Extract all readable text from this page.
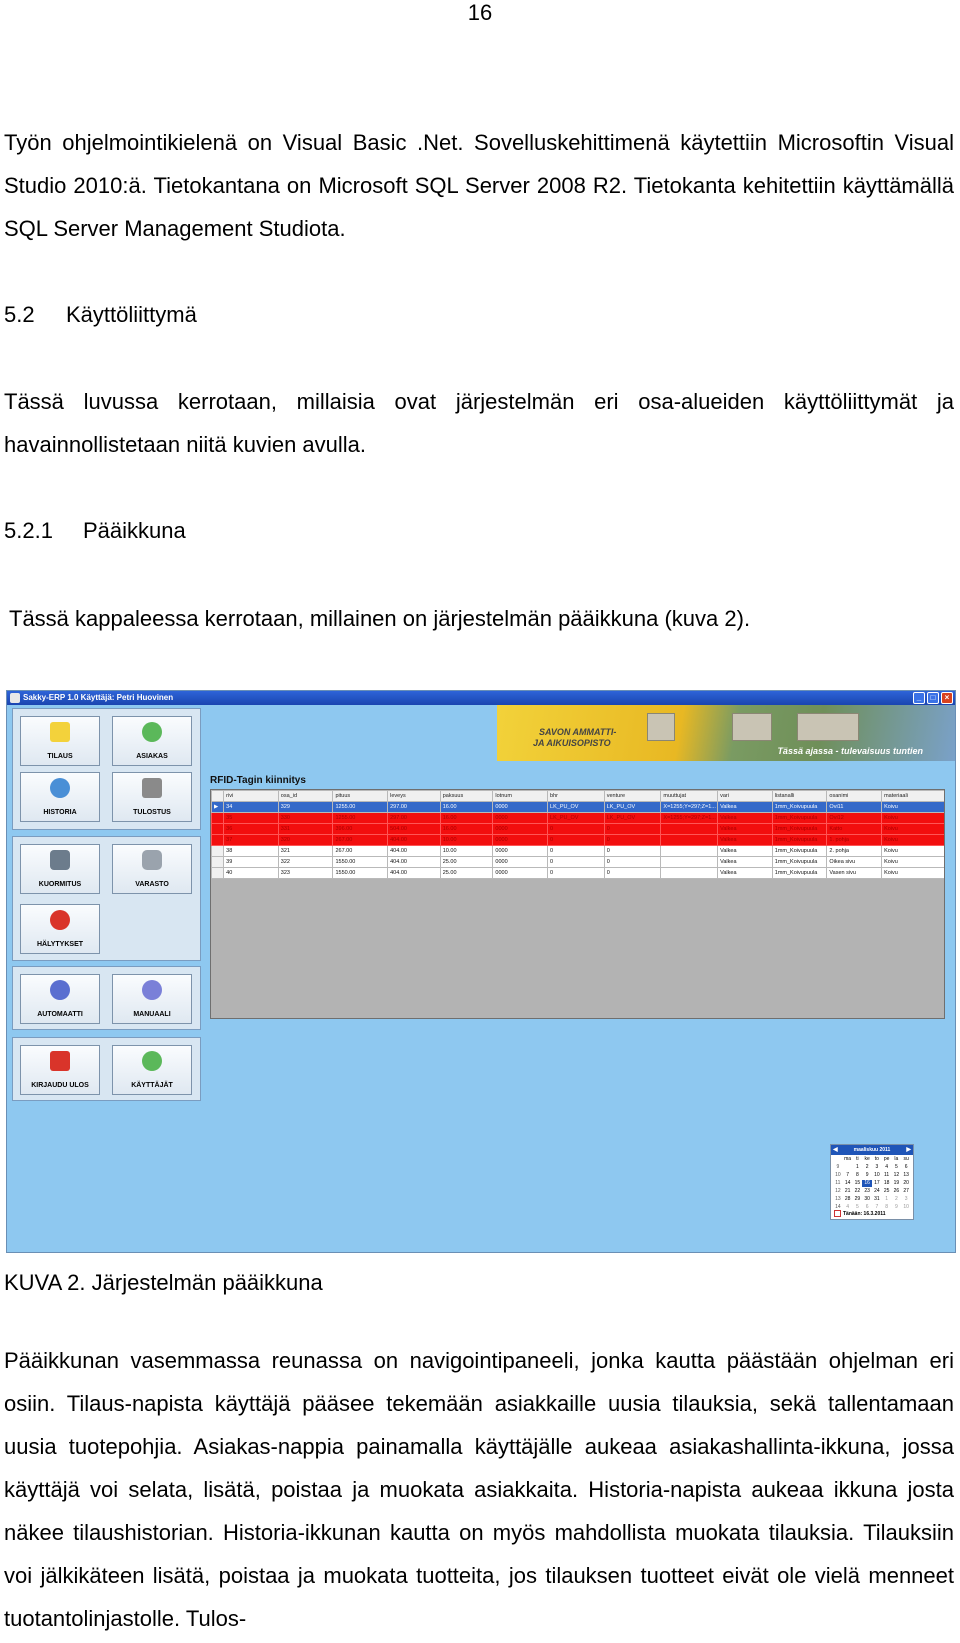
16

Työn ohjelmointikielenä on Visual Basic .Net. Sovelluskehittimenä käytettiin Microsoftin Visual Studio 2010:ä. Tietokantana on Microsoft SQL Server 2008 R2. Tietokanta kehitettiin käyttämällä SQL Server Management Studiota.

5.2 Käyttöliittymä

Tässä luvussa kerrotaan, millaisia ovat järjestelmän eri osa-alueiden käyttöliittymät ja havainnollistetaan niitä kuvien avulla.

5.2.1 Pääikkuna

Tässä kappaleessa kerrotaan, millainen on järjestelmän pääikkuna (kuva 2).

Sakky-ERP 1.0 Käyttäjä: Petri Huovinen	_	□	×
TILAUS	ASIAKAS
HISTORIA	TULOSTUS
KUORMITUS	VARASTO
HÄLYTYKSET
AUTOMAATTI	MANUAALI
KIRJAUDU ULOS	KÄYTTÄJÄT
SAVON AMMATTI-
JA AIKUISOPISTO
Tässä ajassa - tulevaisuus tuntien
RFID-Tagin kiinnitys
	rivi	osa_id	pituus	leveys	paksuus	lotnum	bhr	venture	muuttujat	vari	listanalli	osanimi	materiaali
▶	34	329	1255.00	297.00	16.00	0000	LK_PU_OV	LK_PU_OV	X=1255;Y=297;Z=1...	Valkea	1mm_Koivupuula	Ovi11	Koivu
	35	330	1255.00	297.00	16.00	0000	LK_PU_OV	LK_PU_OV	X=1255;Y=297;Z=1...	Valkea	1mm_Koivupuula	Ovi12	Koivu
	36	331	396.00	504.00	16.00	0000	0	0		Valkea	1mm_Koivupuula	Katto	Koivu
	37	320	267.00	404.00	10.00	0000	0	0		Valkea	1mm_Koivupuula	1. pohja	Koivu
	38	321	267.00	404.00	10.00	0000	0	0		Valkea	1mm_Koivupuula	2. pohja	Koivu
	39	322	1550.00	404.00	25.00	0000	0	0		Valkea	1mm_Koivupuula	Oikea sivu	Koivu
	40	323	1550.00	404.00	25.00	0000	0	0		Valkea	1mm_Koivupuula	Vasen sivu	Koivu
◀	maaliskuu 2011	▶
ma	ti	ke	to pe	la	su
9	1	2	3	4	5	6
10	7	8	9	10 11 12 13
11 14 15 16 17 18 19 20
12 21 22 23 24 25 26 27
13 28 29 30 31	1	2	3
14	4	5	6	7	8	9	10
Tänään: 16.3.2011

KUVA 2. Järjestelmän pääikkuna

Pääikkunan vasemmassa reunassa on navigointipaneeli, jonka kautta päästään ohjelman eri osiin. Tilaus-napista käyttäjä pääsee tekemään asiakkaille uusia tilauksia, sekä tallentamaan uusia tuotepohjia. Asiakas-nappia painamalla käyttäjälle aukeaa asiakashallinta-ikkuna, jossa käyttäjä voi selata, lisätä, poistaa ja muokata asiakkaita. Historia-napista aukeaa ikkuna josta näkee tilaushistorian. Historia-ikkunan kautta on myös mahdollista muokata tilauksia. Tilauksiin voi jälkikäteen lisätä, poistaa ja muokata tuotteita, jos tilauksen tuotteet eivät ole vielä menneet tuotantolinjastolle. Tulos-
